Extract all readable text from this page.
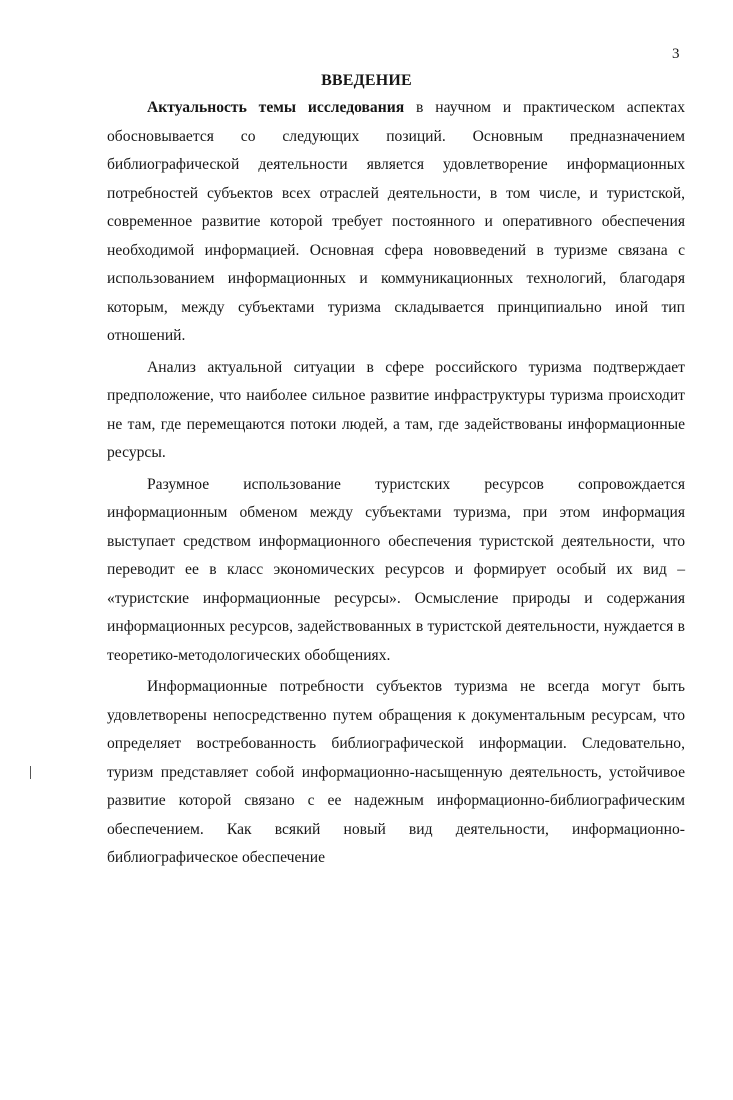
3
ВВЕДЕНИЕ

Актуальность темы исследования в научном и практическом аспектах обосновывается со следующих позиций. Основным предназначением библиографической деятельности является удовлетворение информационных потребностей субъектов всех отраслей деятельности, в том числе, и туристской, современное развитие которой требует постоянного и оперативного обеспечения необходимой информацией. Основная сфера нововведений в туризме связана с использованием информационных и коммуникационных технологий, благодаря которым, между субъектами туризма складывается принципиально иной тип отношений.

Анализ актуальной ситуации в сфере российского туризма подтверждает предположение, что наиболее сильное развитие инфраструктуры туризма происходит не там, где перемещаются потоки людей, а там, где задействованы информационные ресурсы.

Разумное использование туристских ресурсов сопровождается информационным обменом между субъектами туризма, при этом информация выступает средством информационного обеспечения туристской деятельности, что переводит ее в класс экономических ресурсов и формирует особый их вид – «туристские информационные ресурсы». Осмысление природы и содержания информационных ресурсов, задействованных в туристской деятельности, нуждается в теоретико-методологических обобщениях.

Информационные потребности субъектов туризма не всегда могут быть удовлетворены непосредственно путем обращения к документальным ресурсам, что определяет востребованность библиографической информации. Следовательно, туризм представляет собой информационно-насыщенную деятельность, устойчивое развитие которой связано с ее надежным информационно-библиографическим обеспечением. Как всякий новый вид деятельности, информационно-библиографическое обеспечение
